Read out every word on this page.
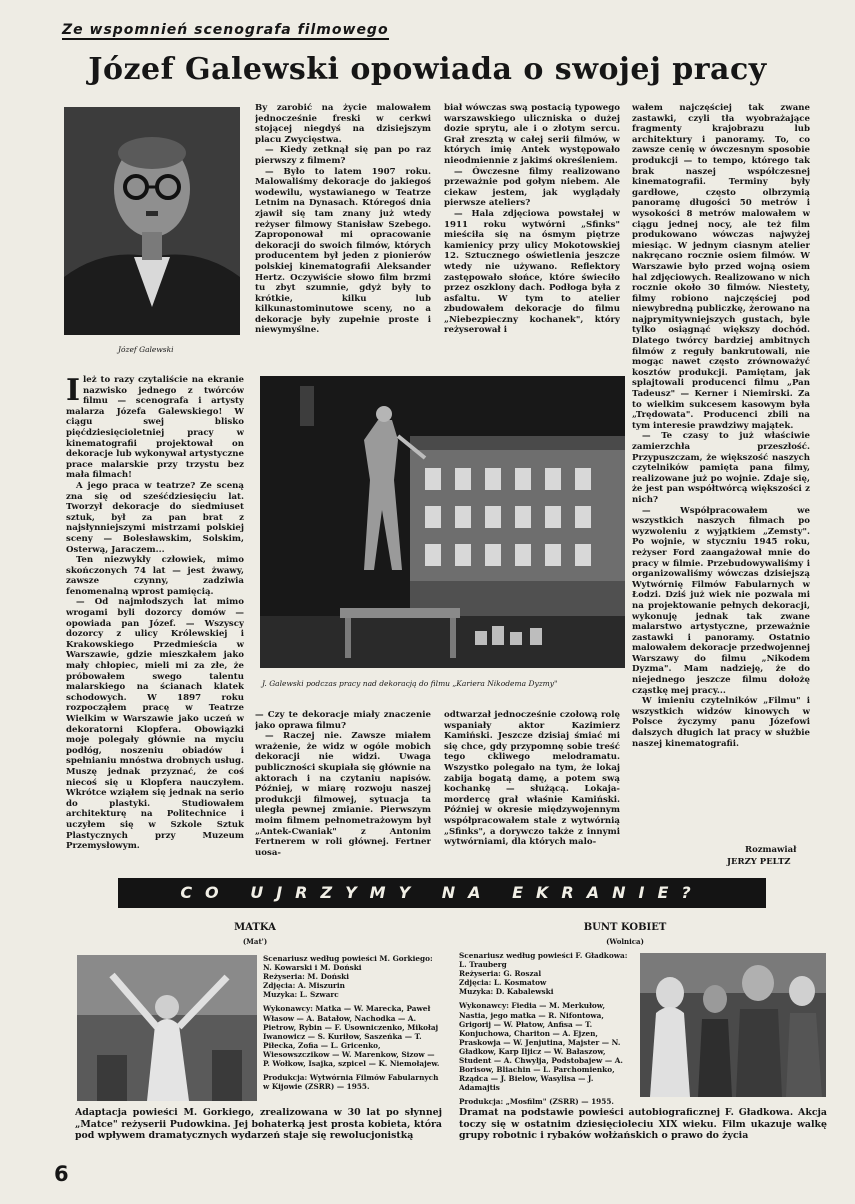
Ze wspomnień scenografa filmowego
Józef Galewski opowiada o swojej pracy
Józef Galewski

Ileż to razy czytaliście na ekranie nazwisko jednego z twórców filmu — scenografa i artysty malarza Józefa Galewskiego! W ciągu swej blisko pięćdziesięcioletniej pracy w kinematografii projektował on dekoracje lub wykonywał artystyczne prace malarskie przy trzystu bez mała filmach!

A jego praca w teatrze? Ze sceną zna się od sześćdziesięciu lat. Tworzył dekoracje do siedmiuset sztuk, był za pan brat z najsłynniejszymi mistrzami polskiej sceny — Bolesławskim, Solskim, Osterwą, Jaraczem...

Ten niezwykły człowiek, mimo skończonych 74 lat — jest żwawy, zawsze czynny, zadziwia fenomenalną wprost pamięcią.

— Od najmłodszych lat mimo wrogami byli dozorcy domów — opowiada pan Józef. — Wszyscy dozorcy z ulicy Królewskiej i Krakowskiego Przedmieścia w Warszawie, gdzie mieszkałem jako mały chłopiec, mieli mi za złe, że próbowałem swego talentu malarskiego na ścianach klatek schodowych. W 1897 roku rozpocząłem pracę w Teatrze Wielkim w Warszawie jako uczeń w dekoratorni Klopfera. Obowiązki moje polegały głównie na myciu podłóg, noszeniu obiadów i spełnianiu mnóstwa drobnych usług. Muszę jednak przyznać, że coś niecoś się u Klopfera nauczyłem. Wkrótce wziąłem się jednak na serio do plastyki. Studiowałem architekturę na Politechnice i uczyłem się w Szkole Sztuk Plastycznych przy Muzeum Przemysłowym.

By zarobić na życie malowałem jednocześnie freski w cerkwi stojącej niegdyś na dzisiejszym placu Zwycięstwa.

— Kiedy zetknął się pan po raz pierwszy z filmem?

— Było to latem 1907 roku. Malowaliśmy dekoracje do jakiegoś wodewilu, wystawianego w Teatrze Letnim na Dynasach. Któregoś dnia zjawił się tam znany już wtedy reżyser filmowy Stanisław Szebego. Zaproponował mi opracowanie dekoracji do swoich filmów, których producentem był jeden z pionierów polskiej kinematografii Aleksander Hertz. Oczywiście słowo film brzmi tu zbyt szumnie, gdyż były to krótkie, kilku lub kilkunastominutowe sceny, no a dekoracje były zupełnie proste i niewymyślne.

biał wówczas swą postacią typowego warszawskiego uliczniska o dużej dozie sprytu, ale i o złotym sercu. Grał zresztą w całej serii filmów, w których imię Antek występowało nieodmiennie z jakimś określeniem.

— Ówczesne filmy realizowano przeważnie pod gołym niebem. Ale ciekaw jestem, jak wyglądały pierwsze ateliers?

— Hala zdjęciowa powstałej w 1911 roku wytwórni „Sfinks" mieściła się na ósmym piętrze kamienicy przy ulicy Mokotowskiej 12. Sztucznego oświetlenia jeszcze wtedy nie używano. Reflektory zastępowało słońce, które świeciło przez oszklony dach. Podłoga była z asfaltu. W tym to atelier zbudowałem dekoracje do filmu „Niebezpieczny kochanek", który reżyserował i

wałem najczęściej tak zwane zastawki, czyli tła wyobrażające fragmenty krajobrazu lub architektury i panoramy. To, co zawsze cenię w ówczesnym sposobie produkcji — to tempo, którego tak brak naszej współczesnej kinematografii. Terminy były gardłowe, często olbrzymią panoramę długości 50 metrów i wysokości 8 metrów malowałem w ciągu jednej nocy, ale też film produkowano wówczas najwyżej miesiąc. W jednym ciasnym atelier nakręcano rocznie osiem filmów. W Warszawie było przed wojną osiem hal zdjęciowych. Realizowano w nich rocznie około 30 filmów. Niestety, filmy robiono najczęściej pod niewybredną publiczkę, żerowano na najprymitywniejszych gustach, byle tylko osiągnąć większy dochód. Dlatego twórcy bardziej ambitnych filmów z reguły bankrutowali, nie mogąc nawet często zrównoważyć kosztów produkcji. Pamiętam, jak splajtowali producenci filmu „Pan Tadeusz" — Kerner i Niemirski. Za to wielkim sukcesem kasowym była „Trędowata". Producenci zbili na tym interesie prawdziwy majątek.

— Te czasy to już właściwie zamierzchła przeszłość. Przypuszczam, że większość naszych czytelników pamięta pana filmy, realizowane już po wojnie. Zdaje się, że jest pan współtwórcą większości z nich?

— Współpracowałem we wszystkich naszych filmach po wyzwoleniu z wyjątkiem „Zemsty". Po wojnie, w styczniu 1945 roku, reżyser Ford zaangażował mnie do pracy w filmie. Przebudowywaliśmy i organizowaliśmy wówczas dzisiejszą Wytwórnię Filmów Fabularnych w Łodzi. Dziś już wiek nie pozwala mi na projektowanie pełnych dekoracji, wykonuję jednak tak zwane malarstwo artystyczne, przeważnie zastawki i panoramy. Ostatnio malowałem dekoracje przedwojennej Warszawy do filmu „Nikodem Dyzma". Mam nadzieję, że do niejednego jeszcze filmu dołożę cząstkę mej pracy...

W imieniu czytelników „Filmu" i wszystkich widzów kinowych w Polsce życzymy panu Józefowi dalszych długich lat pracy w służbie naszej kinematografii.

Rozmawiał
JERZY PELTZ
J. Galewski podczas pracy nad dekoracją do filmu „Kariera Nikodema Dyzmy"

— Czy te dekoracje miały znaczenie jako oprawa filmu?

— Raczej nie. Zawsze miałem wrażenie, że widz w ogóle mobich dekoracji nie widzi. Uwaga publiczności skupiała się głównie na aktorach i na czytaniu napisów. Później, w miarę rozwoju naszej produkcji filmowej, sytuacja ta uległa pewnej zmianie. Pierwszym moim filmem pełnometrażowym był „Antek-Cwaniak" z Antonim Fertnerem w roli głównej. Fertner uosa-

odtwarzał jednocześnie czołową rolę wspaniały aktor Kazimierz Kamiński. Jeszcze dzisiaj śmiać mi się chce, gdy przypomnę sobie treść tego ckliwego melodramatu. Wszystko polegało na tym, że lokaj zabija bogatą damę, a potem swą kochankę — służącą. Lokaja-mordercę grał właśnie Kamiński. Później w okresie międzywojennym współpracowałem stale z wytwórnią „Sfinks", a dorywczo także z innymi wytwórniami, dla których malo-

CO UJRZYMY NA EKRANIE?
MATKA
(Mat')
Scenariusz według powieści M. Gorkiego: N. Kowarski i M. Doński
Reżyseria: M. Doński
Zdjęcia: A. Miszurin
Muzyka: L. Szwarc
Wykonawcy: Matka — W. Marecka, Paweł Własow — A. Batałow, Nachodka — A. Pietrow, Rybin — F. Usowniczenko, Mikołaj Iwanowicz — S. Kuriłow, Saszeńka — T. Piłecka, Zofia — L. Gricenko, Wiesowszczikow — W. Marenkow, Sizow — P. Wołkow, Isajka, szpicel — K. Niemołajew.
Produkcja: Wytwórnia Filmów Fabularnych w Kijowie (ZSRR) — 1955.
Adaptacja powieści M. Gorkiego, zrealizowana w 30 lat po słynnej „Matce" reżyserii Pudowkina. Jej bohaterką jest prosta kobieta, która pod wpływem dramatycznych wydarzeń staje się rewolucjonistką
BUNT KOBIET
(Wolnica)
Scenariusz według powieści F. Gładkowa: L. Trauberg
Reżyseria: G. Roszal
Zdjęcia: L. Kosmatow
Muzyka: D. Kabalewski
Wykonawcy: Fiedia — M. Merkułow, Nastia, jego matka — R. Nifontowa, Grigorij — W. Płatow, Anfisa — T. Konjuchowa, Chariton — A. Ejzen, Praskowja — W. Jenjutina, Majster — N. Gładkow, Karp Iljicz — W. Bałaszow, Student — A. Chwylja, Podstobajew — A. Borisow, Bliachin — L. Parchomienko, Rządca — J. Bielow, Wasylisa — J. Adamajtis
Produkcja: „Mosfilm" (ZSRR) — 1955.
Dramat na podstawie powieści autobiograficznej F. Gładkowa. Akcja toczy się w ostatnim dziesięcioleciu XIX wieku. Film ukazuje walkę grupy robotnic i rybaków wołżańskich o prawo do życia
6
